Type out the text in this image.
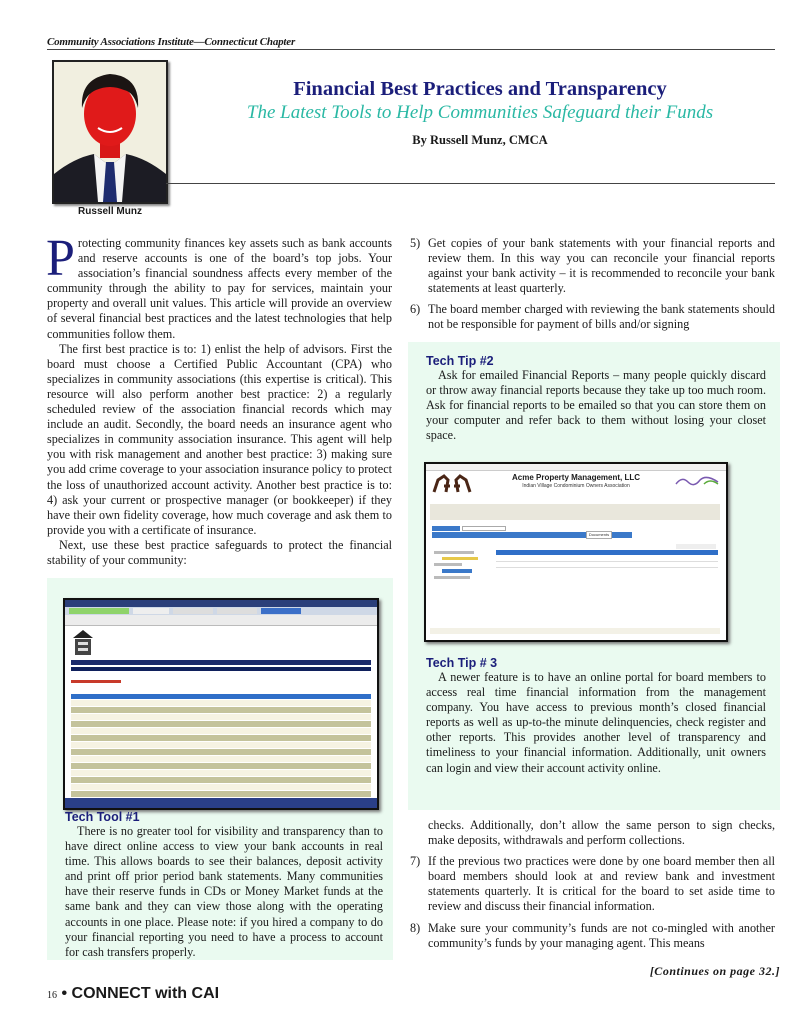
Community Associations Institute—Connecticut Chapter
Russell Munz
Financial Best Practices and Transparency
The Latest Tools to Help Communities Safeguard their Funds
By Russell Munz, CMCA

Protecting community finances key assets such as bank accounts and reserve accounts is one of the board’s top jobs. Your association’s financial soundness affects every member of the community through the ability to pay for services, maintain your property and overall unit values. This article will provide an overview of several financial best practices and the latest technologies that help communities follow them.

The first best practice is to: 1) enlist the help of advisors. First the board must choose a Certified Public Accountant (CPA) who specializes in community associations (this expertise is critical). This resource will also perform another best practice: 2) a regularly scheduled review of the association financial records which may include an audit. Secondly, the board needs an insurance agent who specializes in community association insurance. This agent will help you with risk management and another best practice: 3) making sure you add crime coverage to your association insurance policy to protect the loss of unauthorized account activity. Another best practice is to: 4) ask your current or prospective manager (or bookkeeper) if they have their own fidelity coverage, how much coverage and ask them to provide you with a certificate of insurance.

Next, use these best practice safeguards to protect the financial stability of your community:

Tech Tool #1

There is no greater tool for visibility and transparency than to have direct online access to view your bank accounts in real time. This allows boards to see their balances, deposit activity and print off prior period bank statements. Many communities have their reserve funds in CDs or Money Market funds at the same bank and they can view those along with the operating accounts in one place. Please note: if you hired a company to do your financial reporting you need to have a process to account for cash transfers properly.

5) Get copies of your bank statements with your financial reports and review them. In this way you can reconcile your financial reports against your bank activity – it is recommended to reconcile your bank statements at least quarterly.
6) The board member charged with reviewing the bank statements should not be responsible for payment of bills and/or signing
Tech Tip #2

Ask for emailed Financial Reports – many people quickly discard or throw away financial reports because they take up too much room. Ask for financial reports to be emailed so that you can store them on your computer and refer back to them without losing your closet space.

Acme Property Management, LLC
Indian Village Condominium Owners Association
Documents
Tech Tip # 3

A newer feature is to have an online portal for board members to access real time financial information from the management company. You have access to previous month’s closed financial reports as well as up-to-the minute delinquencies, check register and other reports. This provides another level of transparency and timeliness to your financial information. Additionally, unit owners can login and view their account activity online.

checks. Additionally, don’t allow the same person to sign checks, make deposits, withdrawals and perform collections.
7) If the previous two practices were done by one board member then all board members should look at and review bank and investment statements quarterly. It is critical for the board to set aside time to review and discuss their financial information.
8) Make sure your community’s funds are not co-mingled with another community’s funds by your managing agent. This means
[Continues on page 32.]
16 • CONNECT with CAI
